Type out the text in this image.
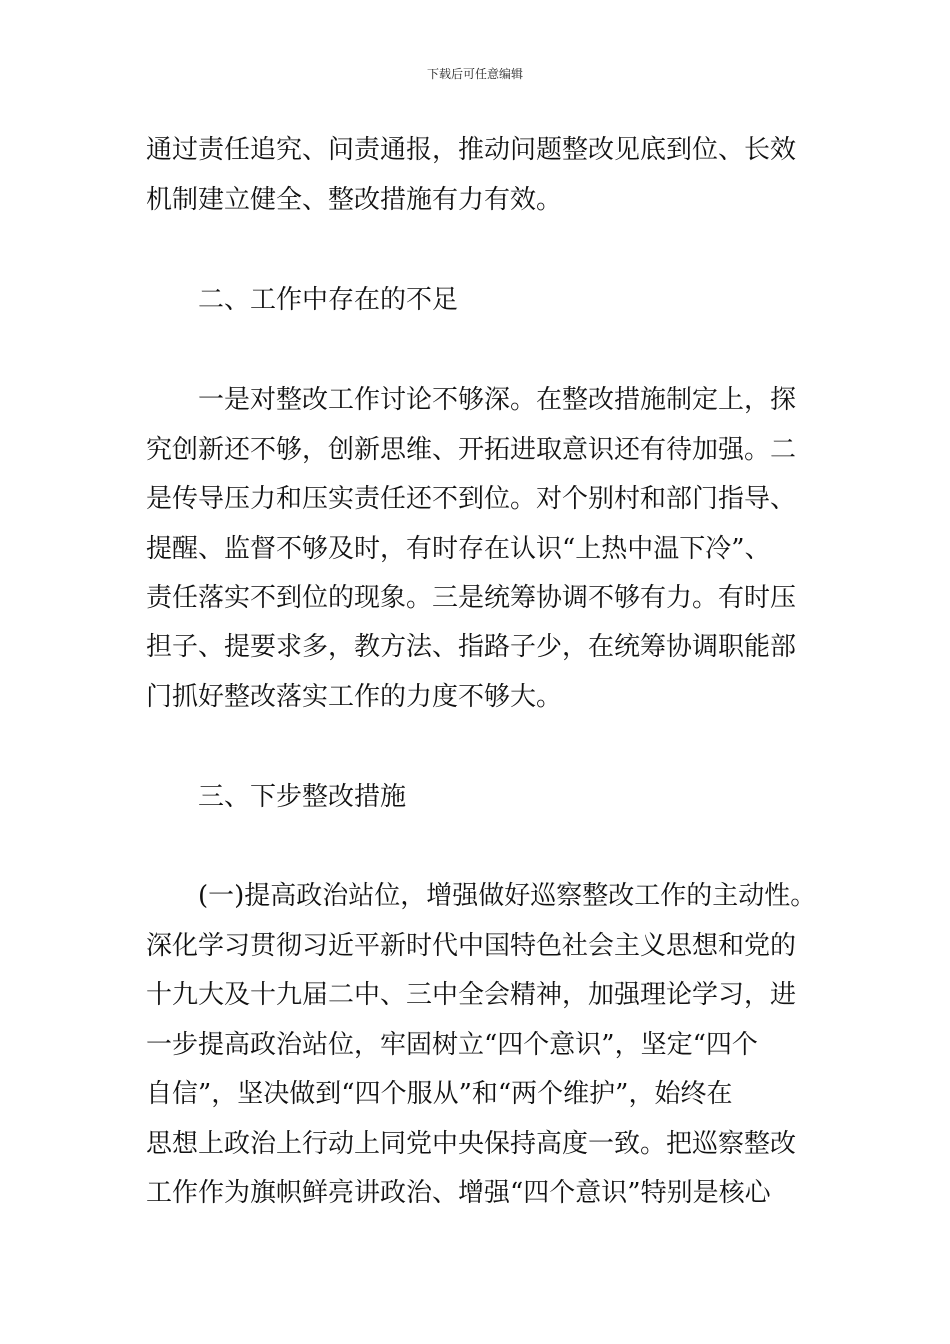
下载后可任意编辑
通过责任追究、问责通报，推动问题整改见底到位、长效
机制建立健全、整改措施有力有效。
二、工作中存在的不足
一是对整改工作讨论不够深。在整改措施制定上，探
究创新还不够，创新思维、开拓进取意识还有待加强。二
是传导压力和压实责任还不到位。对个别村和部门指导、
提醒、监督不够及时，有时存在认识“上热中温下冷”、
责任落实不到位的现象。三是统筹协调不够有力。有时压
担子、提要求多，教方法、指路子少，在统筹协调职能部
门抓好整改落实工作的力度不够大。
三、下步整改措施
(一)提高政治站位，增强做好巡察整改工作的主动性。
深化学习贯彻习近平新时代中国特色社会主义思想和党的
十九大及十九届二中、三中全会精神，加强理论学习，进
一步提高政治站位，牢固树立“四个意识”，坚定“四个
自信”，坚决做到“四个服从”和“两个维护”，始终在
思想上政治上行动上同党中央保持高度一致。把巡察整改
工作作为旗帜鲜亮讲政治、增强“四个意识”特别是核心
